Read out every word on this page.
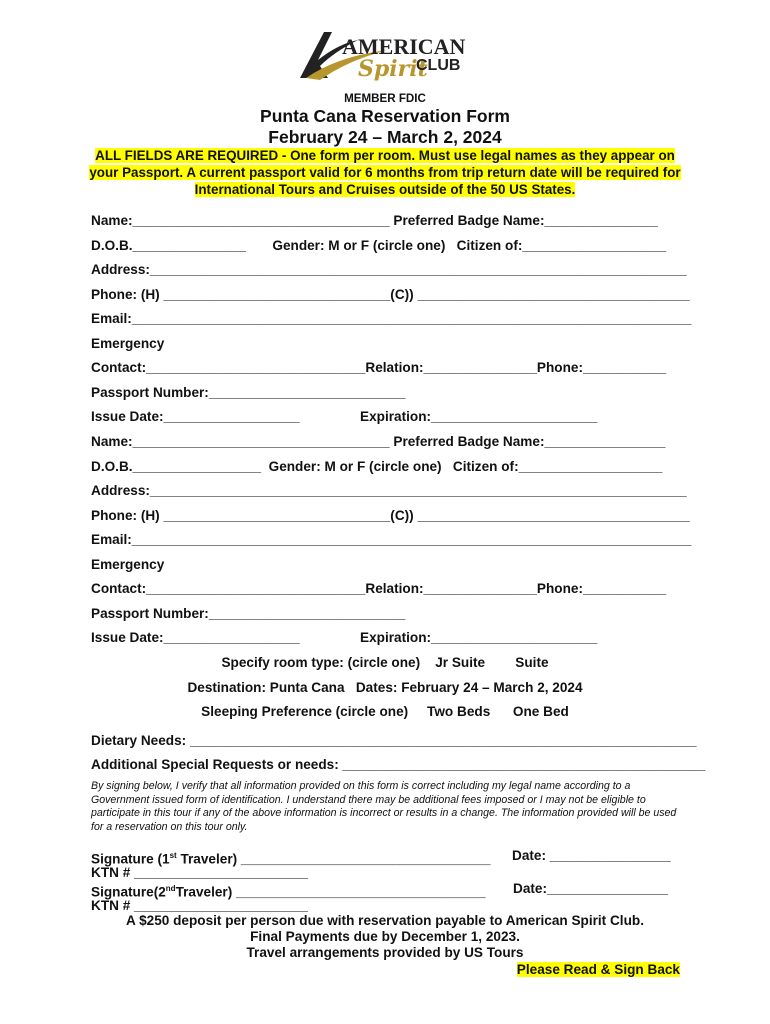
AMERICAN
Spirit
CLUB
MEMBER FDIC
Punta Cana Reservation Form
February 24 – March 2, 2024
ALL FIELDS ARE REQUIRED - One form per room. Must use legal names as they appear on your Passport. A current passport valid for 6 months from trip return date will be required for International Tours and Cruises outside of the 50 US States.
Name:__________________________________ Preferred Badge Name:_______________
D.O.B._______________       Gender: M or F (circle one)   Citizen of:___________________
Address:_______________________________________________________________________
Phone: (H) ______________________________(C)) ____________________________________
Email:__________________________________________________________________________
Emergency
Contact:_____________________________Relation:_______________Phone:___________
Passport Number:__________________________
Issue Date:__________________                Expiration:______________________
Name:__________________________________ Preferred Badge Name:________________
D.O.B._________________  Gender: M or F (circle one)   Citizen of:___________________
Address:_______________________________________________________________________
Phone: (H) ______________________________(C)) ____________________________________
Email:__________________________________________________________________________
Emergency
Contact:_____________________________Relation:_______________Phone:___________
Passport Number:__________________________
Issue Date:__________________                Expiration:______________________
Specify room type: (circle one)    Jr Suite        Suite
Destination: Punta Cana   Dates: February 24 – March 2, 2024
Sleeping Preference (circle one)     Two Beds      One Bed
Dietary Needs: ___________________________________________________________________
Additional Special Requests or needs: ________________________________________________
By signing below, I verify that all information provided on this form is correct including my legal name according to a Government issued form of identification. I understand there may be additional fees imposed or I may not be eligible to participate in this tour if any of the above information is incorrect or results in a change. The information provided will be used for a reservation on this tour only.
Signature (1st Traveler) _________________________________ Date: ________________
KTN # _______________________
Signature(2ndTraveler) _________________________________ Date:________________
KTN # _______________________
A $250 deposit per person due with reservation payable to American Spirit Club.
Final Payments due by December 1, 2023.
Travel arrangements provided by US Tours
Please Read & Sign Back
